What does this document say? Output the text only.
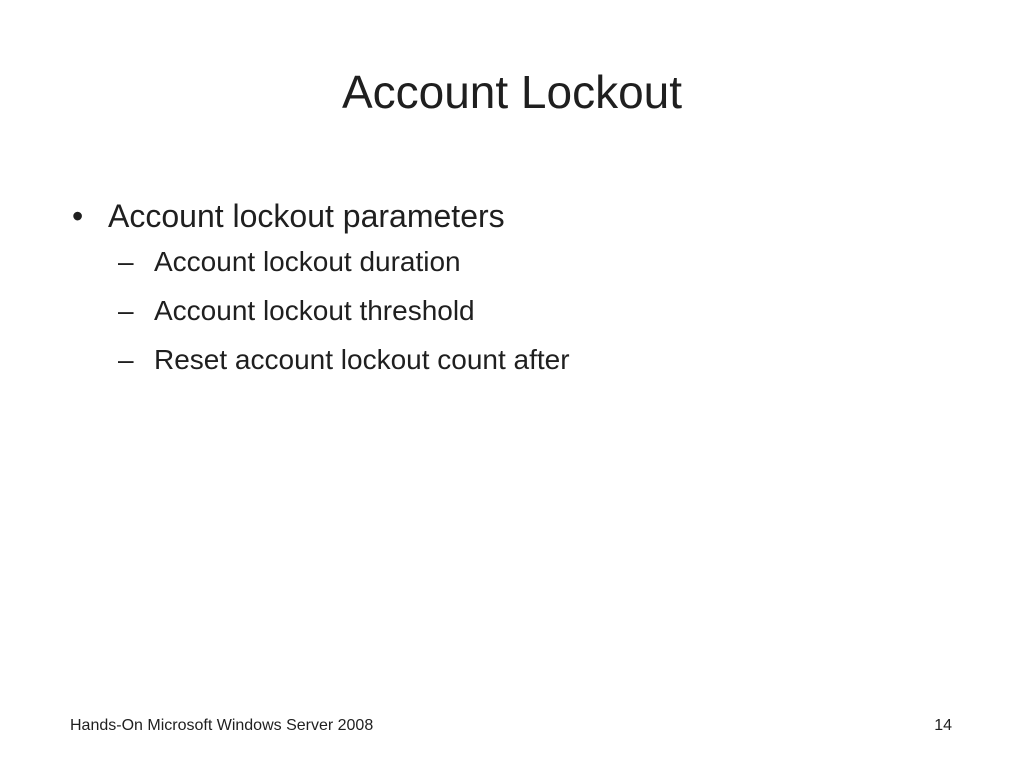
Account Lockout
• Account lockout parameters
– Account lockout duration
– Account lockout threshold
– Reset account lockout count after
Hands-On Microsoft Windows Server 2008	14
